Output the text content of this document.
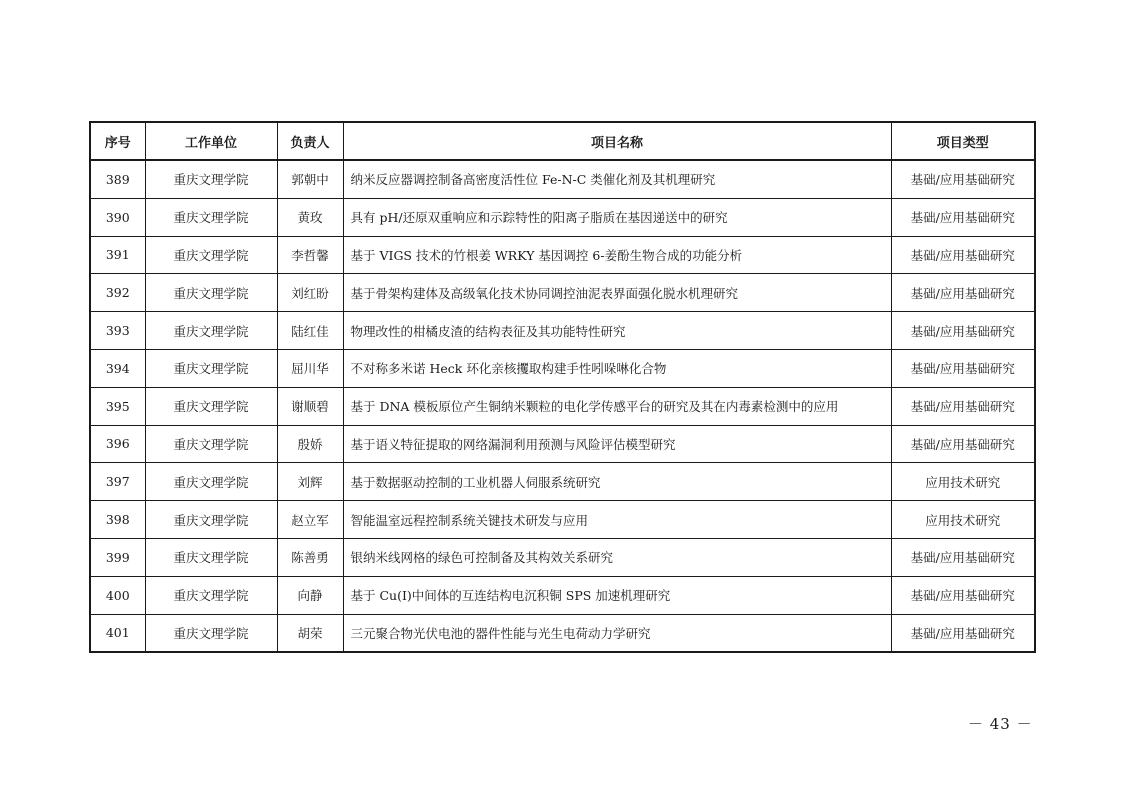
序号	工作单位	负责人	项目名称	项目类型
389	重庆文理学院	郭朝中	纳米反应器调控制备高密度活性位 Fe-N-C 类催化剂及其机理研究	基础/应用基础研究
390	重庆文理学院	黄玫	具有 pH/还原双重响应和示踪特性的阳离子脂质在基因递送中的研究	基础/应用基础研究
391	重庆文理学院	李哲馨	基于 VIGS 技术的竹根姜 WRKY 基因调控 6-姜酚生物合成的功能分析	基础/应用基础研究
392	重庆文理学院	刘红盼	基于骨架构建体及高级氧化技术协同调控油泥表界面强化脱水机理研究	基础/应用基础研究
393	重庆文理学院	陆红佳	物理改性的柑橘皮渣的结构表征及其功能特性研究	基础/应用基础研究
394	重庆文理学院	屈川华	不对称多米诺 Heck 环化亲核攫取构建手性吲哚啉化合物	基础/应用基础研究
395	重庆文理学院	谢顺碧	基于 DNA 模板原位产生铜纳米颗粒的电化学传感平台的研究及其在内毒素检测中的应用	基础/应用基础研究
396	重庆文理学院	殷娇	基于语义特征提取的网络漏洞利用预测与风险评估模型研究	基础/应用基础研究
397	重庆文理学院	刘辉	基于数据驱动控制的工业机器人伺服系统研究	应用技术研究
398	重庆文理学院	赵立军	智能温室远程控制系统关键技术研发与应用	应用技术研究
399	重庆文理学院	陈善勇	银纳米线网格的绿色可控制备及其构效关系研究	基础/应用基础研究
400	重庆文理学院	向静	基于 Cu(Ⅰ)中间体的互连结构电沉积铜 SPS 加速机理研究	基础/应用基础研究
401	重庆文理学院	胡荣	三元聚合物光伏电池的器件性能与光生电荷动力学研究	基础/应用基础研究
－ 43 －
